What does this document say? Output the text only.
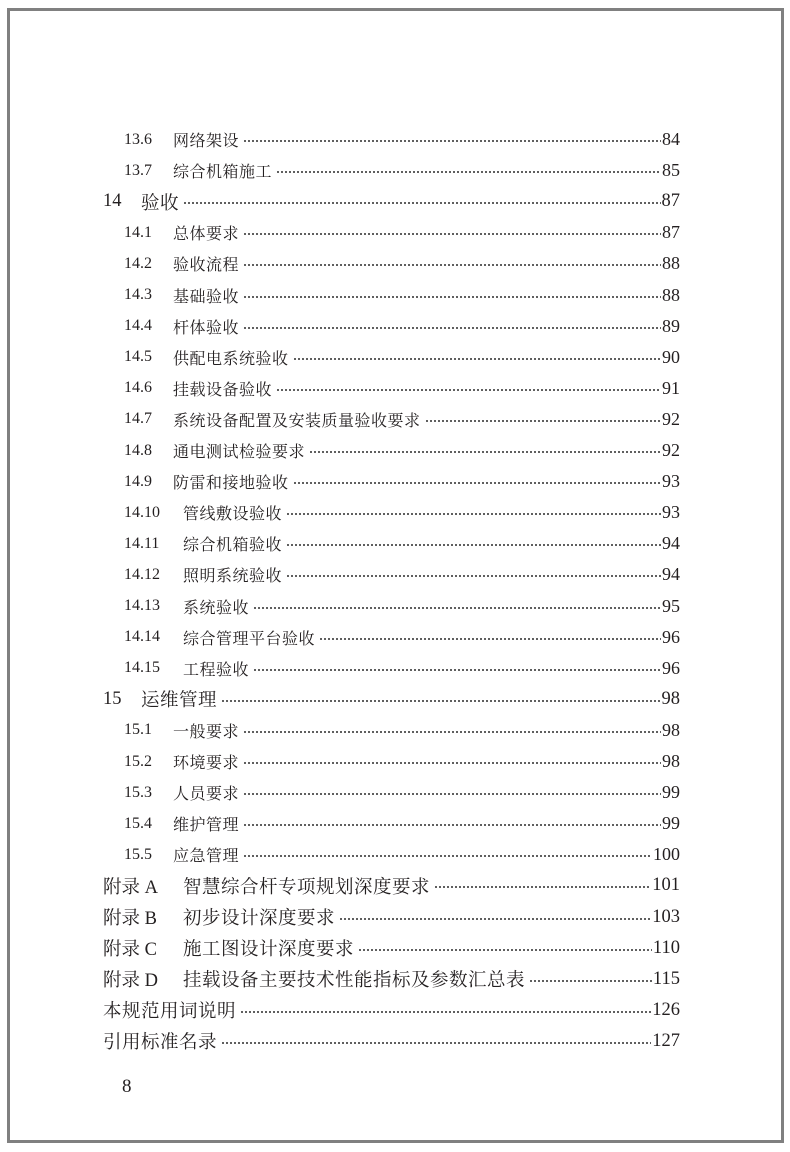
13.6	网络架设	84
13.7	综合机箱施工	85
14	验收	87
14.1	总体要求	87
14.2	验收流程	88
14.3	基础验收	88
14.4	杆体验收	89
14.5	供配电系统验收	90
14.6	挂载设备验收	91
14.7	系统设备配置及安装质量验收要求	92
14.8	通电测试检验要求	92
14.9	防雷和接地验收	93
14.10	管线敷设验收	93
14.11	综合机箱验收	94
14.12	照明系统验收	94
14.13	系统验收	95
14.14	综合管理平台验收	96
14.15	工程验收	96
15	运维管理	98
15.1	一般要求	98
15.2	环境要求	98
15.3	人员要求	99
15.4	维护管理	99
15.5	应急管理	100
附录 A	智慧综合杆专项规划深度要求	101
附录 B	初步设计深度要求	103
附录 C	施工图设计深度要求	110
附录 D	挂载设备主要技术性能指标及参数汇总表	115
本规范用词说明	126
引用标准名录	127
8
